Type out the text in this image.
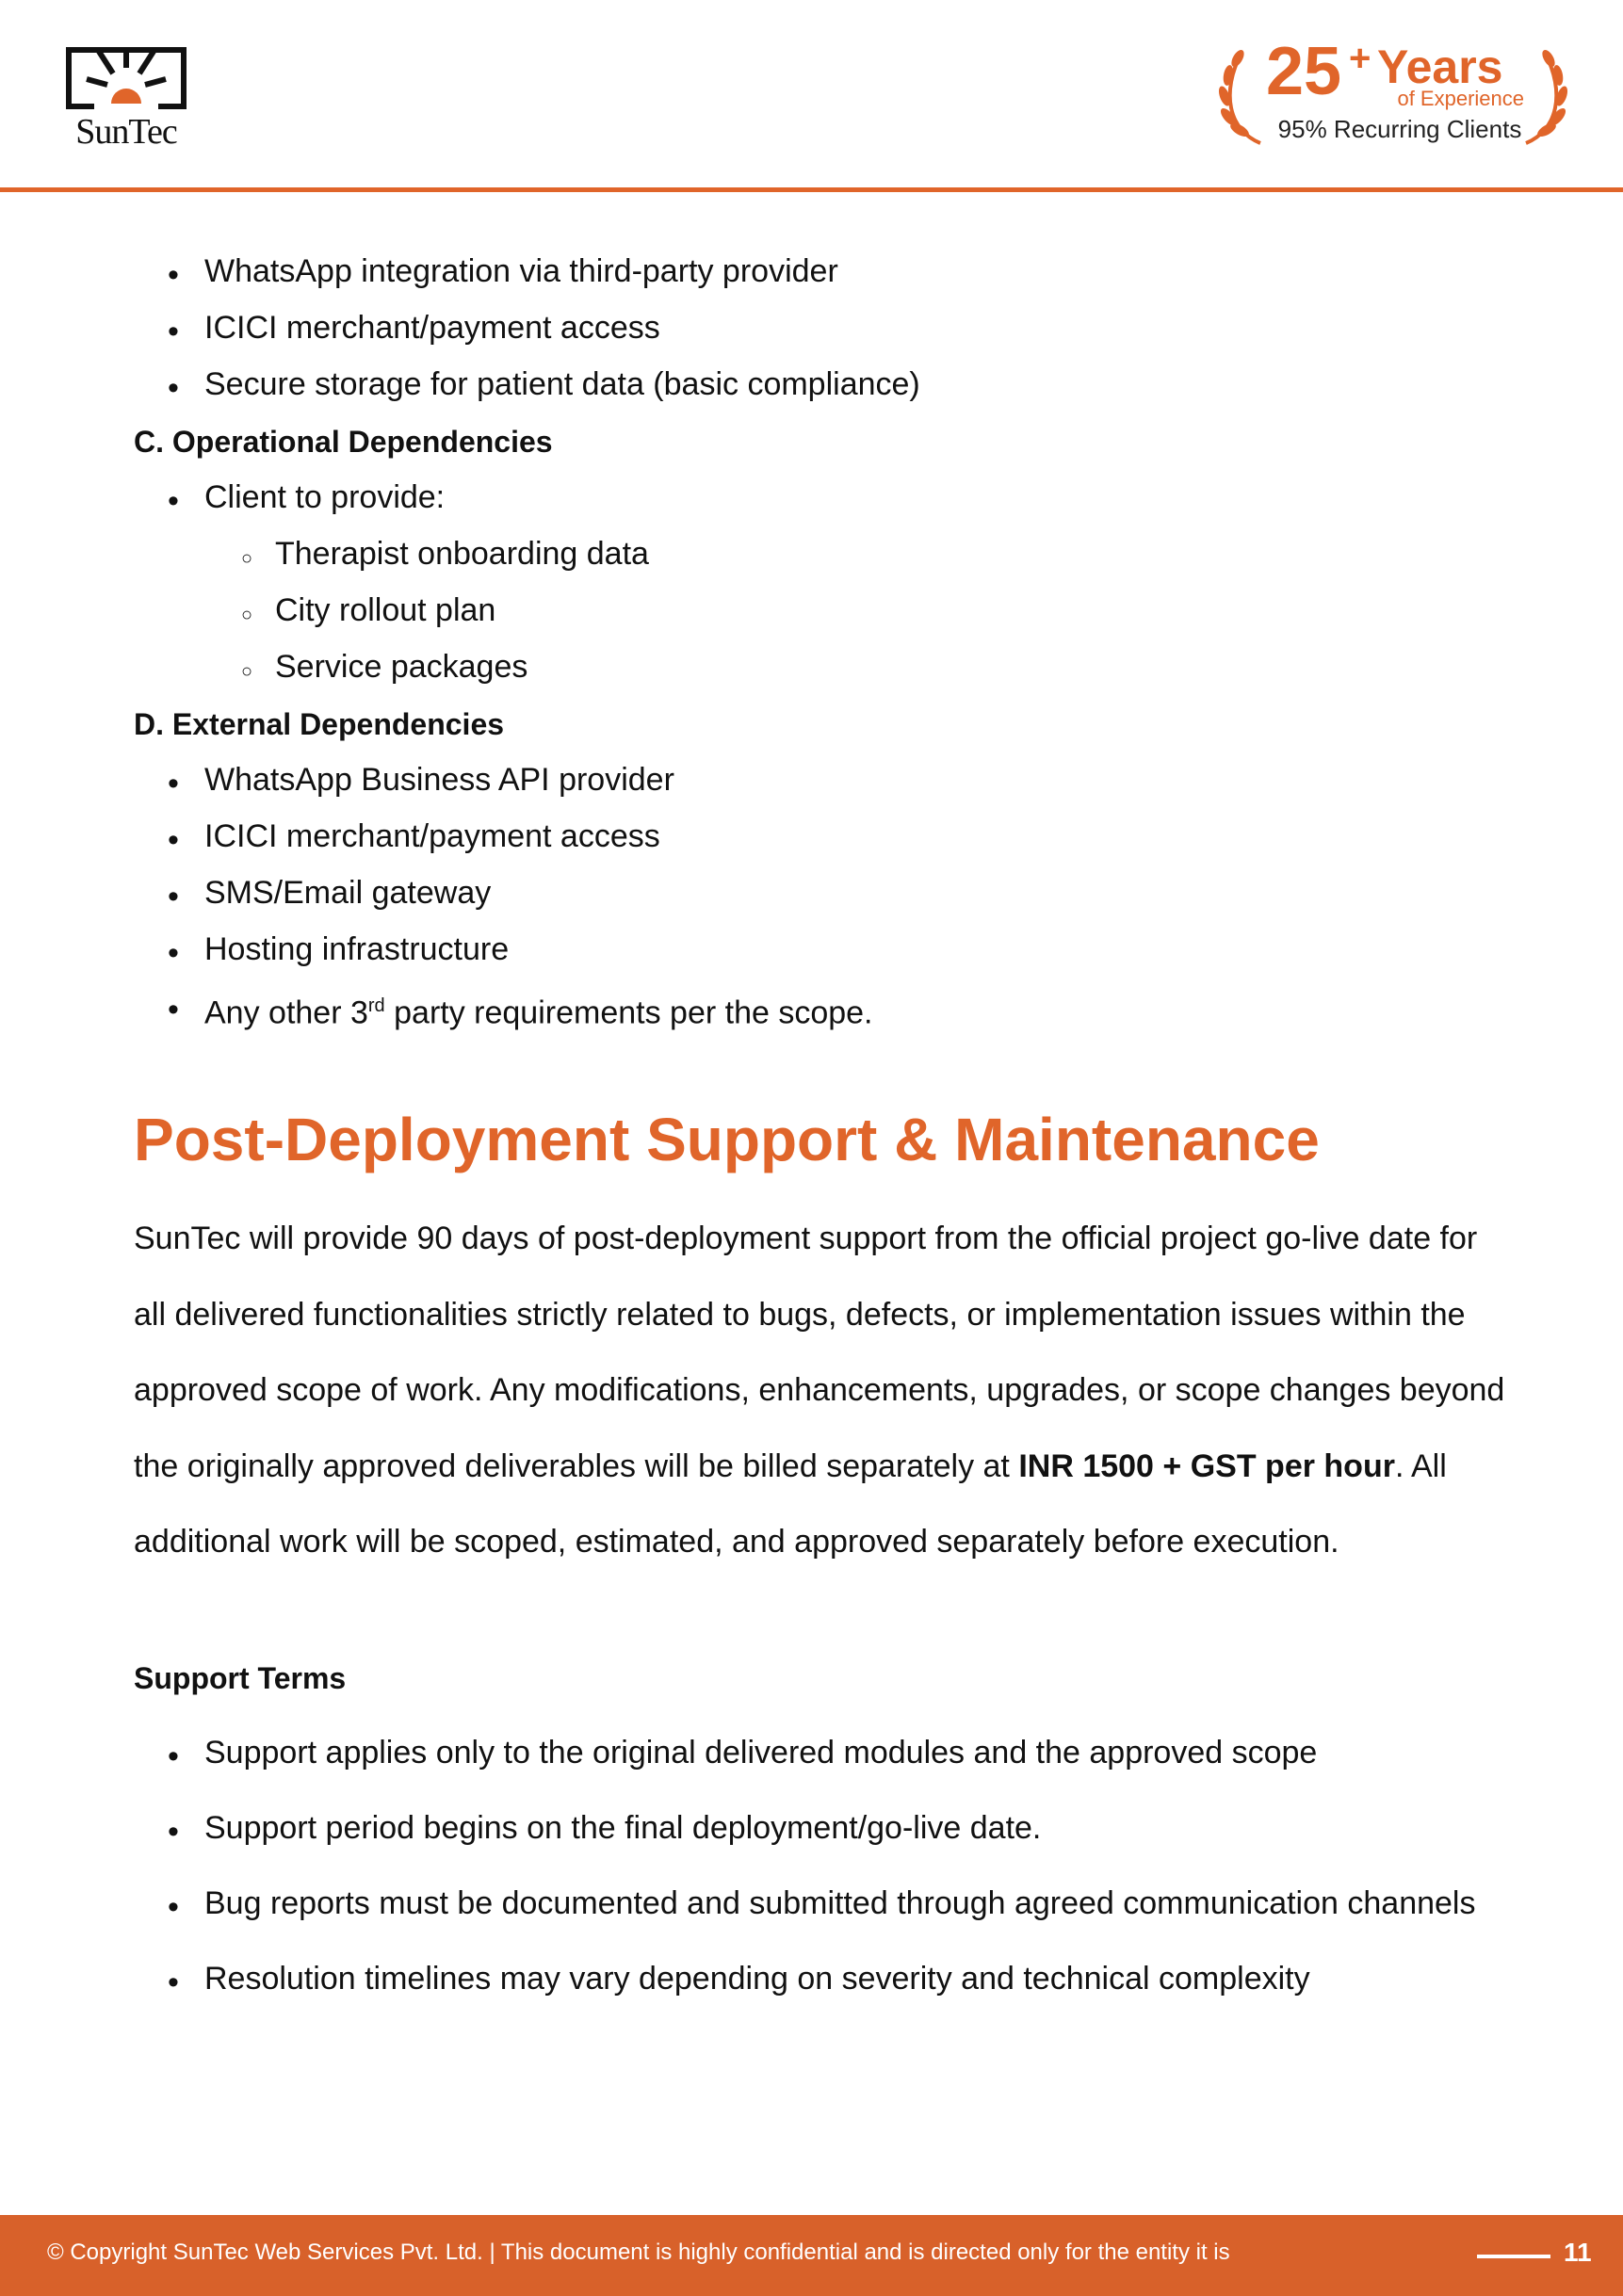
SunTec
25 + Years
of Experience
95% Recurring Clients
• WhatsApp integration via third-party provider
• ICICI merchant/payment access
• Secure storage for patient data (basic compliance)
C. Operational Dependencies
• Client to provide:
○ Therapist onboarding data
○ City rollout plan
○ Service packages
D. External Dependencies
• WhatsApp Business API provider
• ICICI merchant/payment access
• SMS/Email gateway
• Hosting infrastructure
• Any other 3rd party requirements per the scope.
Post-Deployment Support & Maintenance
SunTec will provide 90 days of post-deployment support from the official project go-live date for all delivered functionalities strictly related to bugs, defects, or implementation issues within the approved scope of work. Any modifications, enhancements, upgrades, or scope changes beyond the originally approved deliverables will be billed separately at INR 1500 + GST per hour. All additional work will be scoped, estimated, and approved separately before execution.
Support Terms
• Support applies only to the original delivered modules and the approved scope
• Support period begins on the final deployment/go-live date.
• Bug reports must be documented and submitted through agreed communication channels
• Resolution timelines may vary depending on severity and technical complexity
© Copyright SunTec Web Services Pvt. Ltd. | This document is highly confidential and is directed only for the entity it is	11
